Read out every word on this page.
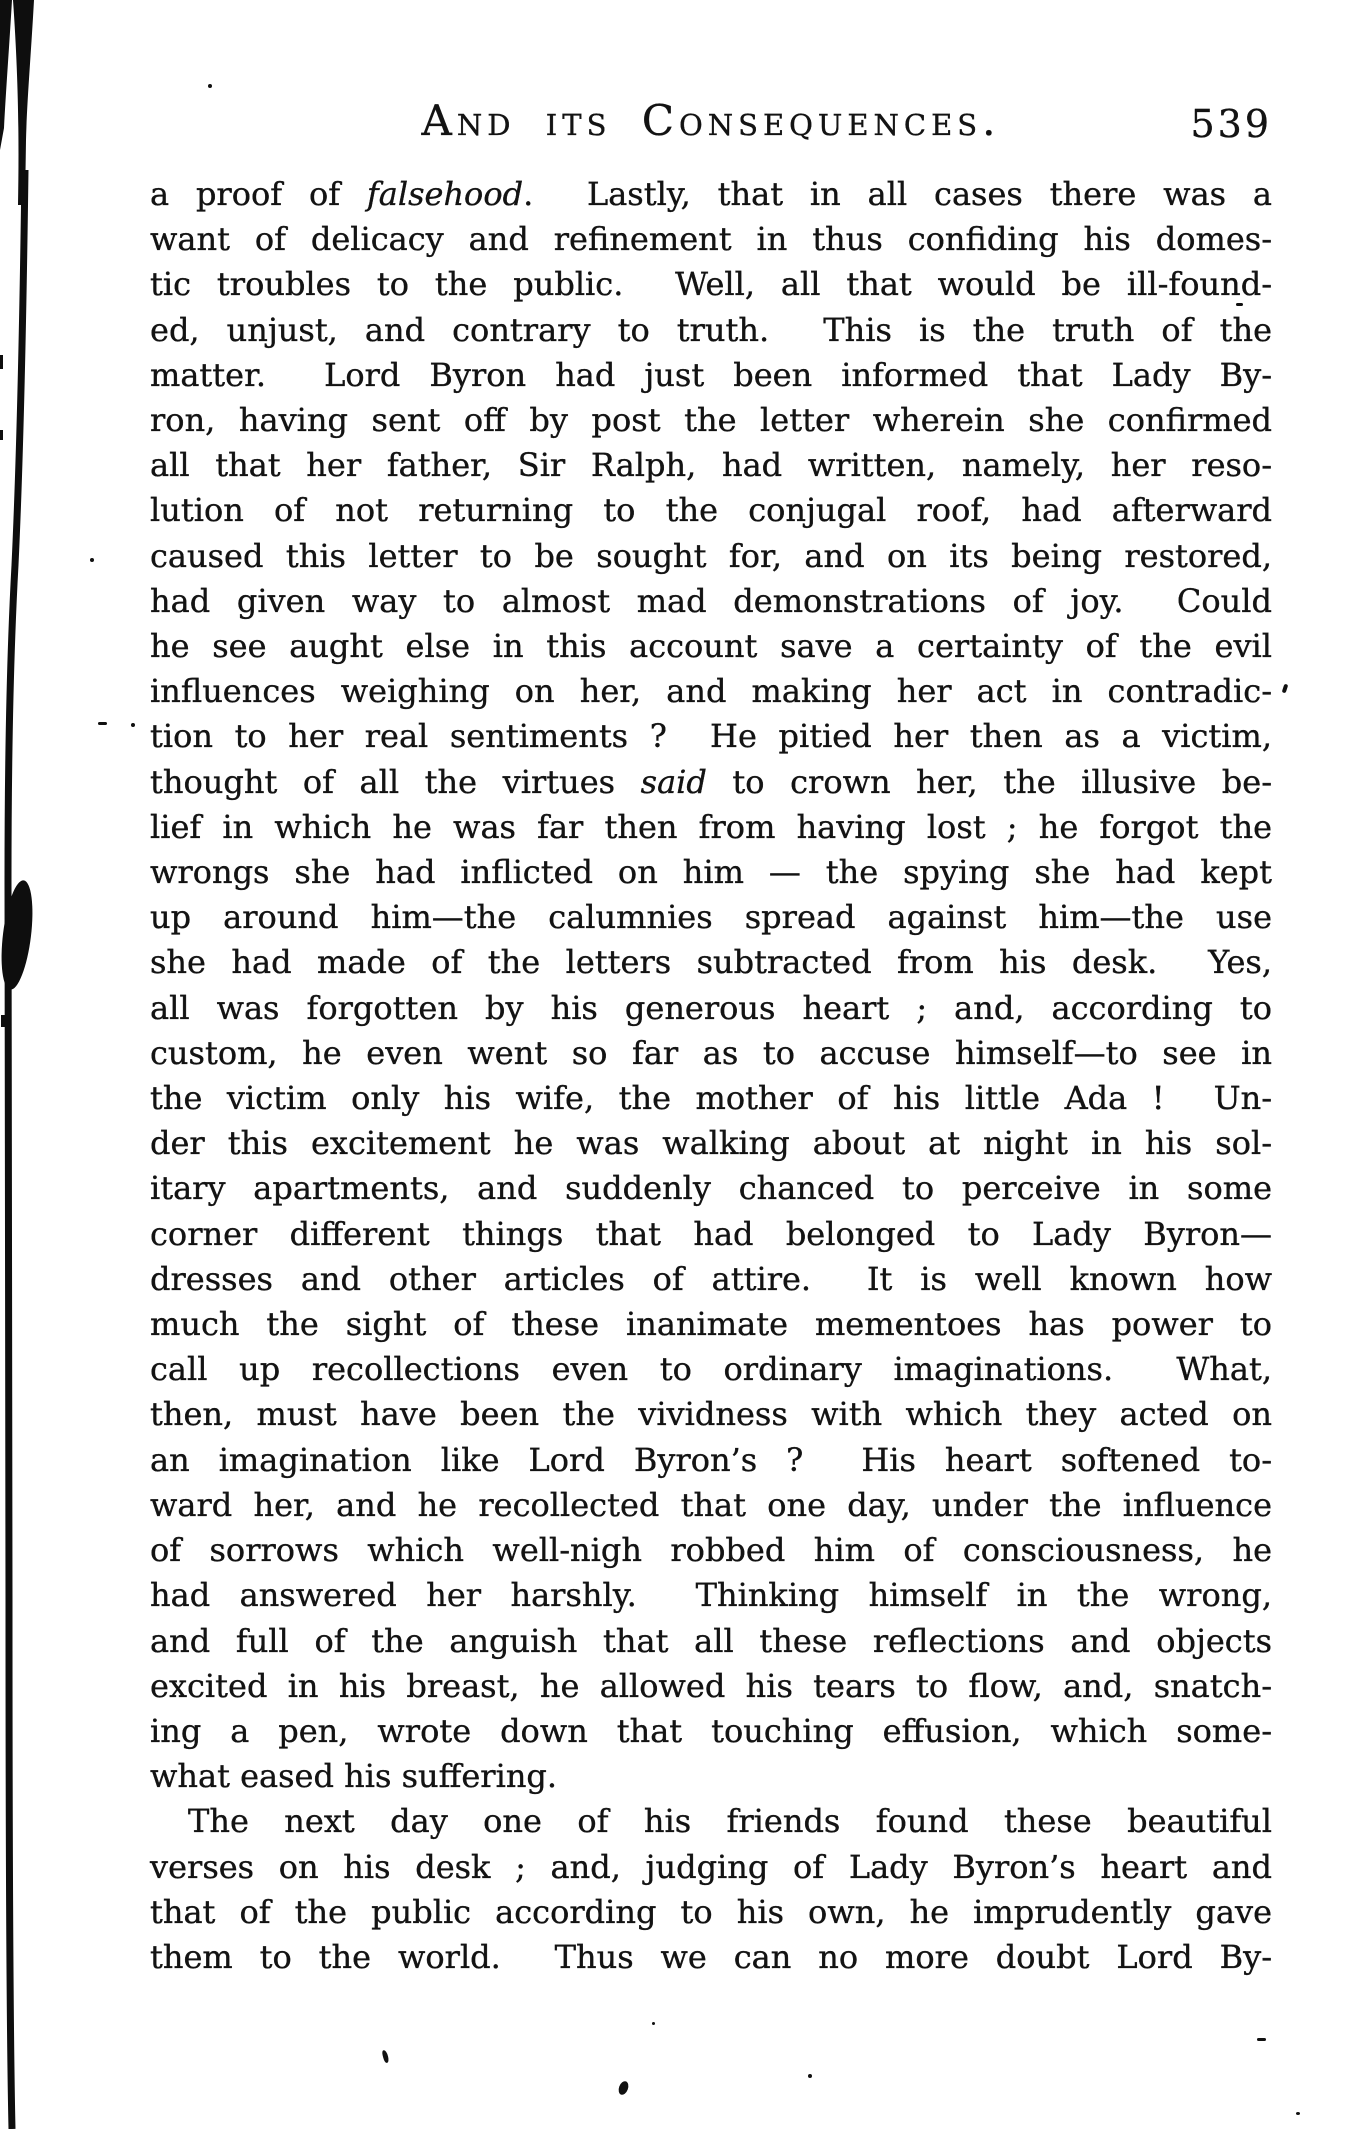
And its Consequences.	539
a proof of falsehood.  Lastly, that in all cases there was a
want of delicacy and refinement in thus confiding his domes-
tic troubles to the public.  Well, all that would be ill-found-
ed, unjust, and contrary to truth.  This is the truth of the
matter.  Lord Byron had just been informed that Lady By-
ron, having sent off by post the letter wherein she confirmed
all that her father, Sir Ralph, had written, namely, her reso-
lution of not returning to the conjugal roof, had afterward
caused this letter to be sought for, and on its being restored,
had given way to almost mad demonstrations of joy.  Could
he see aught else in this account save a certainty of the evil
influences weighing on her, and making her act in contradic-
tion to her real sentiments ?  He pitied her then as a victim,
thought of all the virtues said to crown her, the illusive be-
lief in which he was far then from having lost ; he forgot the
wrongs she had inflicted on him — the spying she had kept
up around him—the calumnies spread against him—the use
she had made of the letters subtracted from his desk.  Yes,
all was forgotten by his generous heart ; and, according to
custom, he even went so far as to accuse himself—to see in
the victim only his wife, the mother of his little Ada !  Un-
der this excitement he was walking about at night in his sol-
itary apartments, and suddenly chanced to perceive in some
corner different things that had belonged to Lady Byron—
dresses and other articles of attire.  It is well known how
much the sight of these inanimate mementoes has power to
call up recollections even to ordinary imaginations.  What,
then, must have been the vividness with which they acted on
an imagination like Lord Byron’s ?  His heart softened to-
ward her, and he recollected that one day, under the influence
of sorrows which well-nigh robbed him of consciousness, he
had answered her harshly.  Thinking himself in the wrong,
and full of the anguish that all these reflections and objects
excited in his breast, he allowed his tears to flow, and, snatch-
ing a pen, wrote down that touching effusion, which some-
what eased his suffering.
The next day one of his friends found these beautiful
verses on his desk ; and, judging of Lady Byron’s heart and
that of the public according to his own, he imprudently gave
them to the world.  Thus we can no more doubt Lord By-
